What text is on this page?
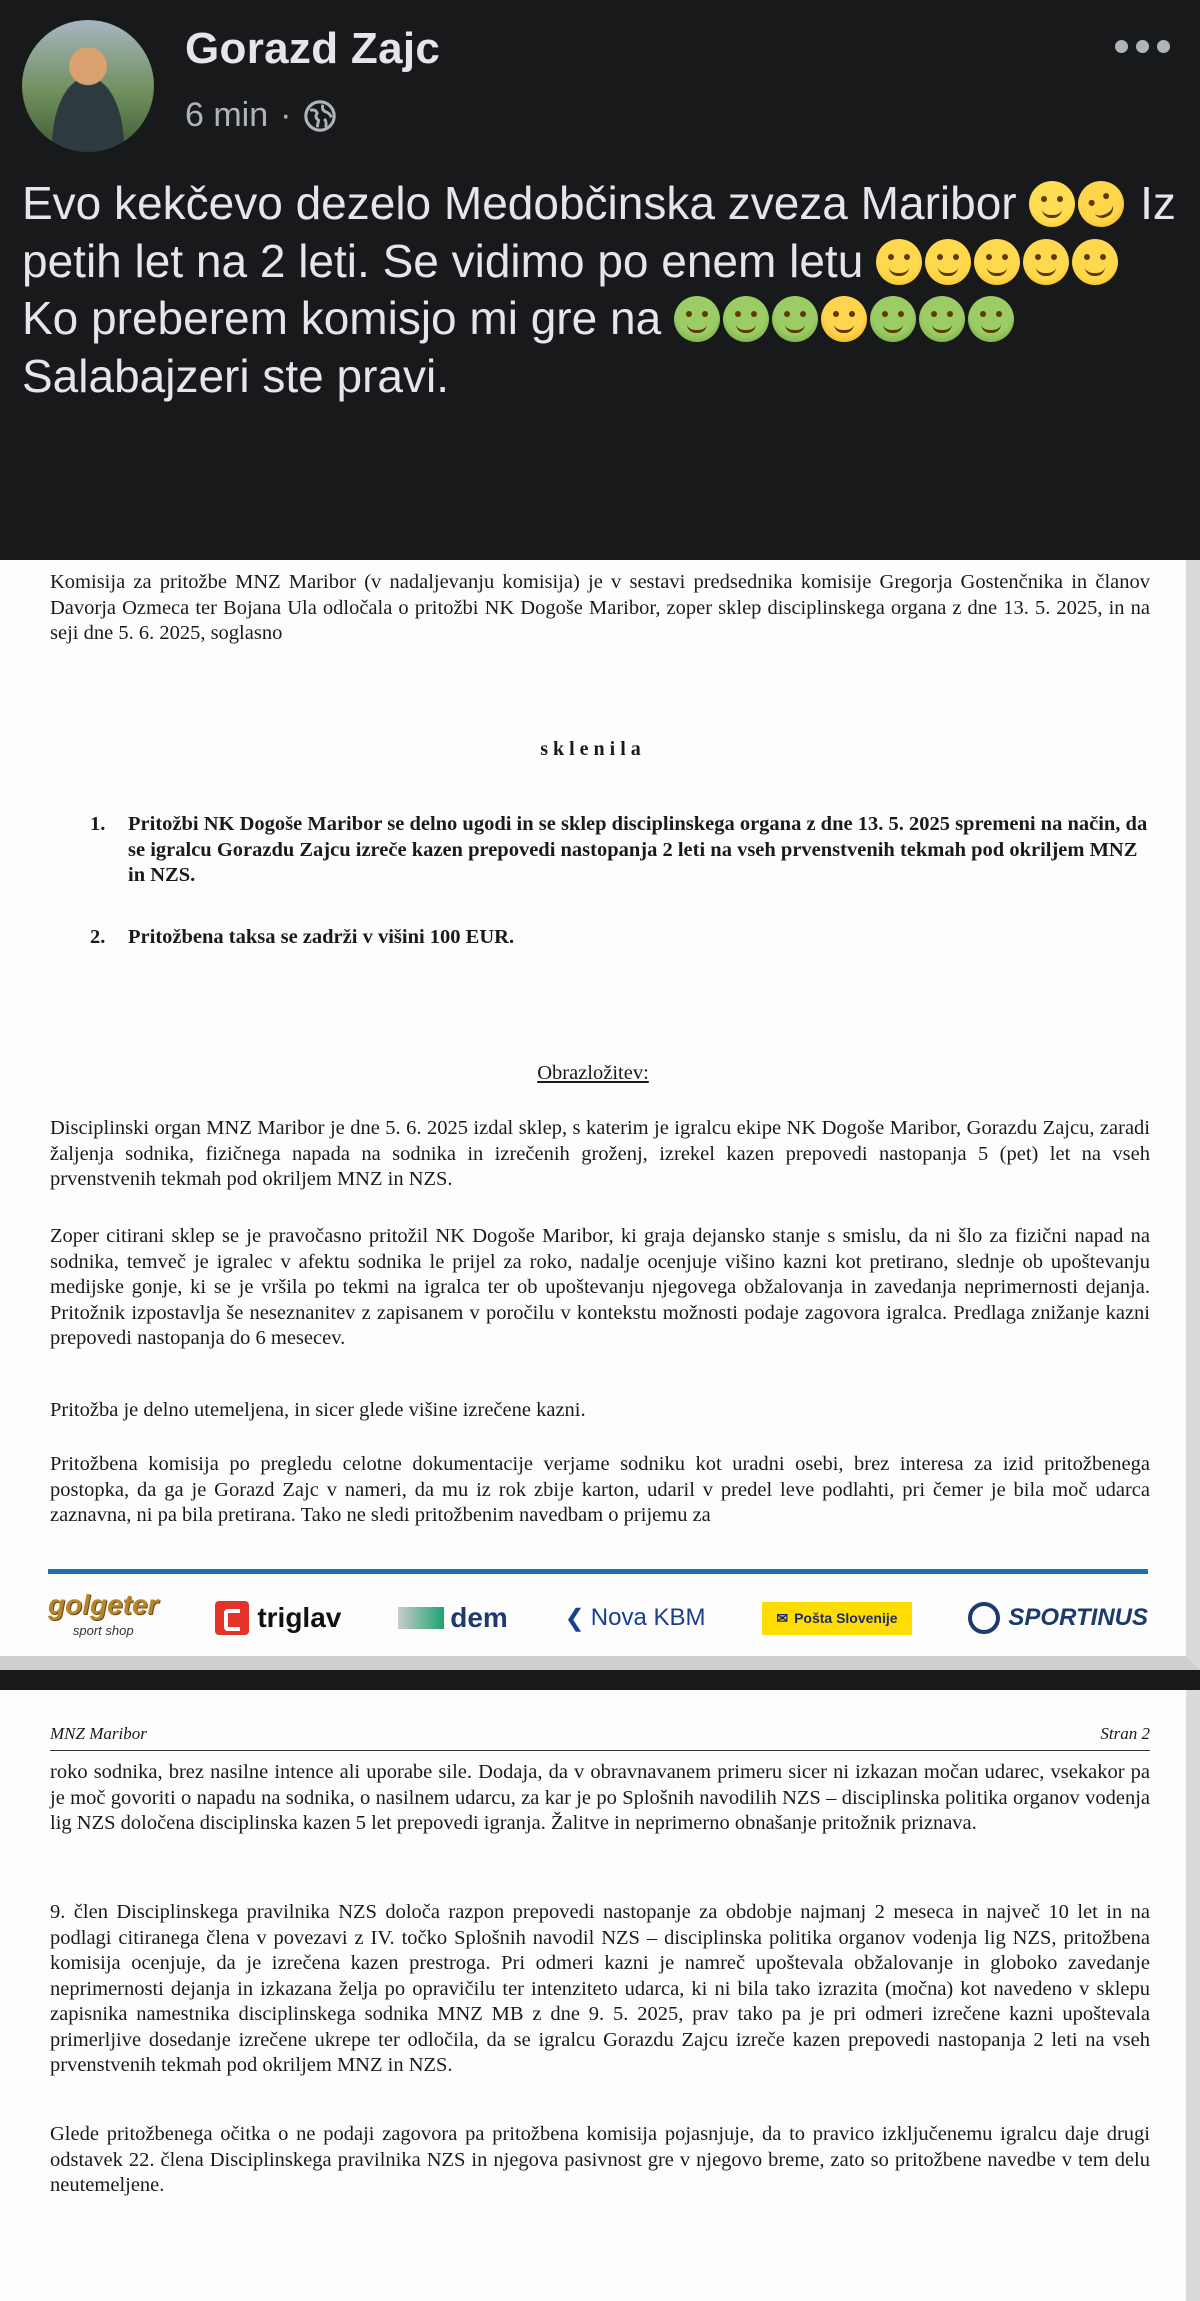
Gorazd Zajc
6 min ·
Evo kekčevo dezelo Medobčinska zveza Maribor  Iz petih let na 2 leti. Se vidimo po enem letu  Ko preberem komisjo mi gre na  Salabajzeri ste pravi.
Komisija za pritožbe MNZ Maribor (v nadaljevanju komisija) je v sestavi predsednika komisije Gregorja Gostenčnika in članov Davorja Ozmeca ter Bojana Ula odločala o pritožbi NK Dogoše Maribor, zoper sklep disciplinskega organa z dne 13. 5. 2025, in na seji dne 5. 6. 2025, soglasno
sklenila
1.	Pritožbi NK Dogoše Maribor se delno ugodi in se sklep disciplinskega organa z dne 13. 5. 2025 spremeni na način, da se igralcu Gorazdu Zajcu izreče kazen prepovedi nastopanja 2 leti na vseh prvenstvenih tekmah pod okriljem MNZ in NZS.
2.	Pritožbena taksa se zadrži v višini 100 EUR.
Obrazložitev:
Disciplinski organ MNZ Maribor je dne 5. 6. 2025 izdal sklep, s katerim je igralcu ekipe NK Dogoše Maribor, Gorazdu Zajcu, zaradi žaljenja sodnika, fizičnega napada na sodnika in izrečenih groženj, izrekel kazen prepovedi nastopanja 5 (pet) let na vseh prvenstvenih tekmah pod okriljem MNZ in NZS.
Zoper citirani sklep se je pravočasno pritožil NK Dogoše Maribor, ki graja dejansko stanje s smislu, da ni šlo za fizični napad na sodnika, temveč je igralec v afektu sodnika le prijel za roko, nadalje ocenjuje višino kazni kot pretirano, slednje ob upoštevanju medijske gonje, ki se je vršila po tekmi na igralca ter ob upoštevanju njegovega obžalovanja in zavedanja neprimernosti dejanja. Pritožnik izpostavlja še neseznanitev z zapisanem v poročilu v kontekstu možnosti podaje zagovora igralca. Predlaga znižanje kazni prepovedi nastopanja do 6 mesecev.
Pritožba je delno utemeljena, in sicer glede višine izrečene kazni.
Pritožbena komisija po pregledu celotne dokumentacije verjame sodniku kot uradni osebi, brez interesa za izid pritožbenega postopka, da ga je Gorazd Zajc v nameri, da mu iz rok zbije karton, udaril v predel leve podlahti, pri čemer je bila moč udarca zaznavna, ni pa bila pretirana. Tako ne sledi pritožbenim navedbam o prijemu za
golgeter
sport shop	triglav	dem ❮ Nova KBM	✉ Pošta Slovenije	SPORTINUS
MNZ Maribor	Stran 2
roko sodnika, brez nasilne intence ali uporabe sile. Dodaja, da v obravnavanem primeru sicer ni izkazan močan udarec, vsekakor pa je moč govoriti o napadu na sodnika, o nasilnem udarcu, za kar je po Splošnih navodilih NZS – disciplinska politika organov vodenja lig NZS določena disciplinska kazen 5 let prepovedi igranja. Žalitve in neprimerno obnašanje pritožnik priznava.
9. člen Disciplinskega pravilnika NZS določa razpon prepovedi nastopanje za obdobje najmanj 2 meseca in največ 10 let in na podlagi citiranega člena v povezavi z IV. točko Splošnih navodil NZS – disciplinska politika organov vodenja lig NZS, pritožbena komisija ocenjuje, da je izrečena kazen prestroga. Pri odmeri kazni je namreč upoštevala obžalovanje in globoko zavedanje neprimernosti dejanja in izkazana želja po opravičilu ter intenziteto udarca, ki ni bila tako izrazita (močna) kot navedeno v sklepu zapisnika namestnika disciplinskega sodnika MNZ MB z dne 9. 5. 2025, prav tako pa je pri odmeri izrečene kazni upoštevala primerljive dosedanje izrečene ukrepe ter odločila, da se igralcu Gorazdu Zajcu izreče kazen prepovedi nastopanja 2 leti na vseh prvenstvenih tekmah pod okriljem MNZ in NZS.
Glede pritožbenega očitka o ne podaji zagovora pa pritožbena komisija pojasnjuje, da to pravico izključenemu igralcu daje drugi odstavek 22. člena Disciplinskega pravilnika NZS in njegova pasivnost gre v njegovo breme, zato so pritožbene navedbe v tem delu neutemeljene.
